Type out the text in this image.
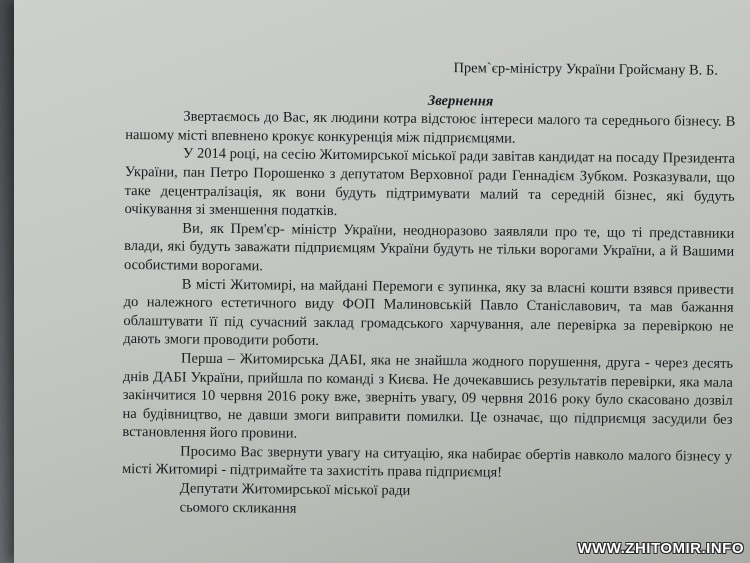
Прем`єр-міністру України Гройсману В. Б.

Звернення

Звертаємось до Вас, як людини котра відстоює інтереси малого та середнього бізнесу. В нашому місті впевнено крокує конкуренція між підприємцями.

У 2014 році, на сесію Житомирської міської ради завітав кандидат на посаду Президента України, пан Петро Порошенко з депутатом Верховної ради Геннадієм Зубком. Розказували, що таке децентралізація, як вони будуть підтримувати малий та середній бізнес, які будуть очікування зі зменшення податків.

Ви, як Прем'єр- міністр України, неодноразово заявляли про те, що ті представники влади, які будуть заважати підприємцям України будуть не тільки ворогами України, а й Вашими особистими ворогами.

В місті Житомирі, на майдані Перемоги є зупинка, яку за власні кошти взявся привести до належного естетичного виду ФОП Малиновській Павло Станіславович, та мав бажання облаштувати її під сучасний заклад громадського харчування, але перевірка за перевіркою не дають змоги проводити роботи.

Перша – Житомирська ДАБІ, яка не знайшла жодного порушення, друга - через десять днів ДАБІ України, прийшла по команді з Києва. Не дочекавшись результатів перевірки, яка мала закінчитися 10 червня 2016 року вже, зверніть увагу, 09 червня 2016 року було скасовано дозвіл на будівництво, не давши змоги виправити помилки. Це означає, що підприємця засудили без встановлення його провини.

Просимо Вас звернути увагу на ситуацію, яка набирає обертів навколо малого бізнесу у місті Житомирі - підтримайте та захистіть права підприємця!

Депутати Житомирської міської ради

сьомого скликання

WWW.ZHITOMIR.INFO
